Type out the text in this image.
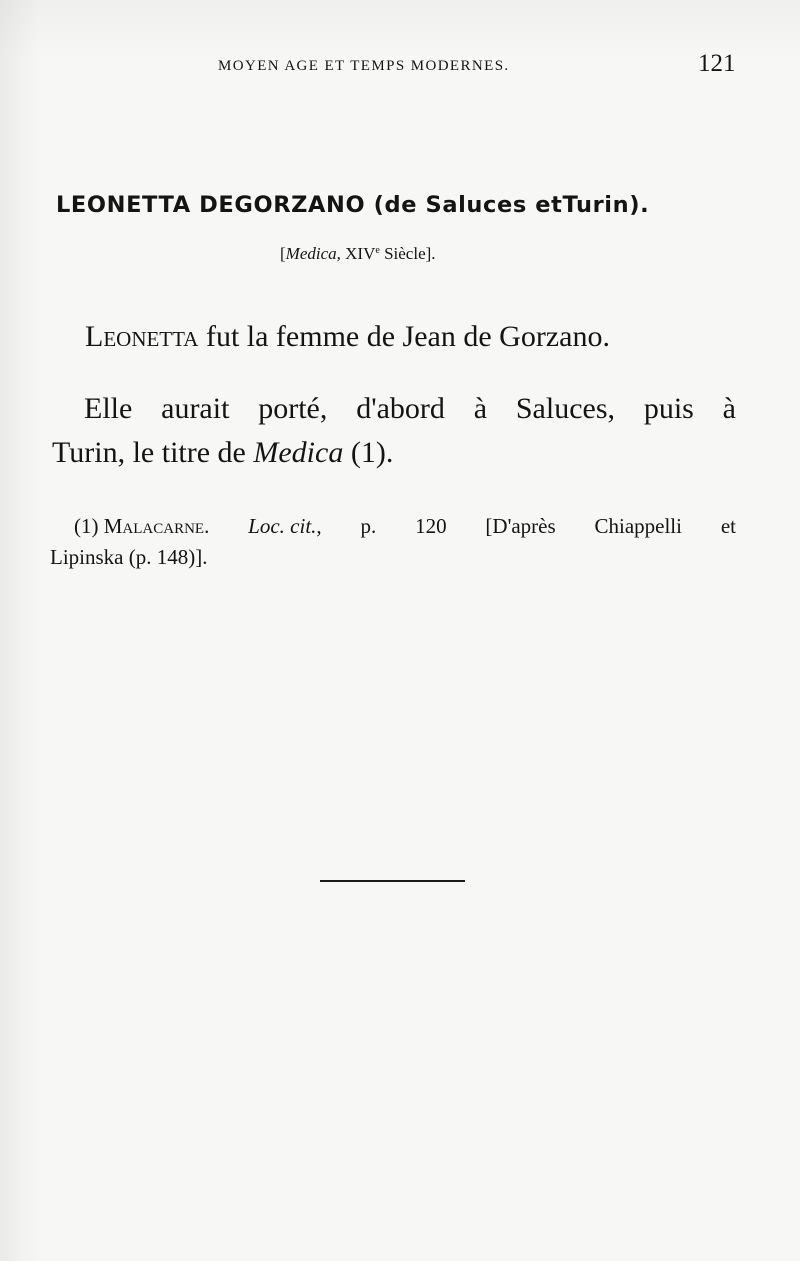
MOYEN AGE ET TEMPS MODERNES.	121
LEONETTA DEGORZANO (de Saluces etTurin).
[Medica, XIVe Siècle].
Leonetta fut la femme de Jean de Gorzano.
Elle aurait porté, d'abord à Saluces, puis à
Turin, le titre de Medica (1).
(1) Malacarne. Loc. cit., p. 120 [D'après Chiappelli et
Lipinska (p. 148)].
